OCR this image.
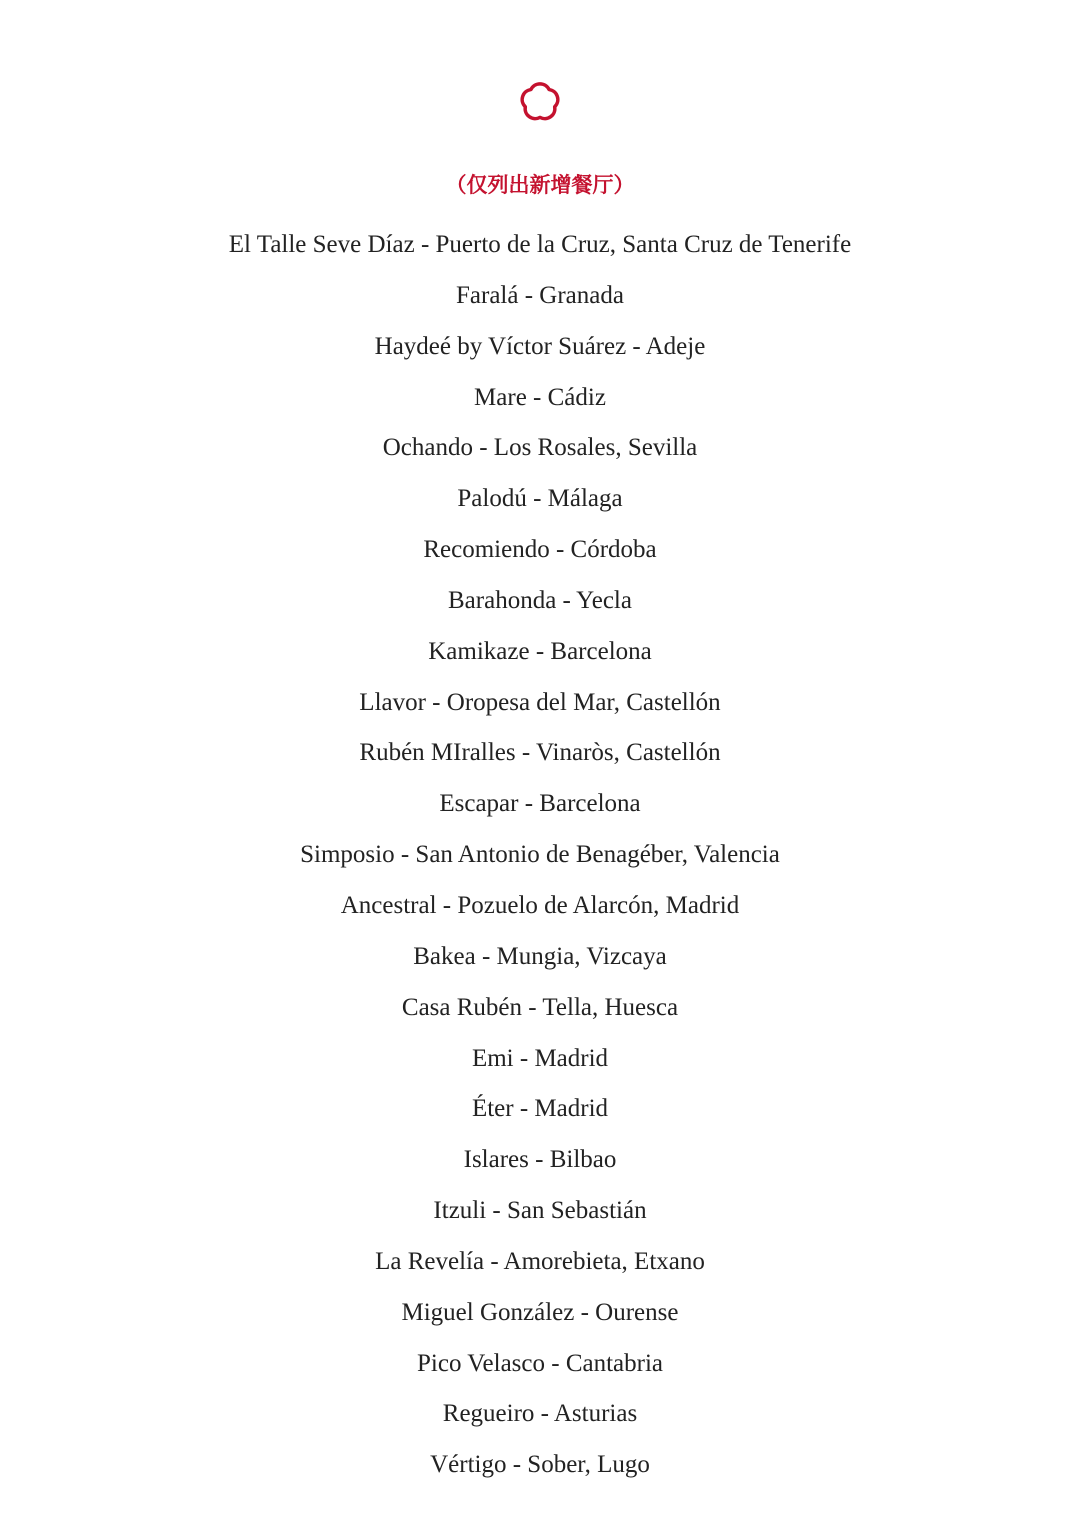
（仅列出新增餐厅）
El Talle Seve Díaz - Puerto de la Cruz, Santa Cruz de Tenerife
Faralá - Granada
Haydeé by Víctor Suárez - Adeje
Mare - Cádiz
Ochando - Los Rosales, Sevilla
Palodú - Málaga
Recomiendo - Córdoba
Barahonda - Yecla
Kamikaze - Barcelona
Llavor - Oropesa del Mar, Castellón
Rubén MIralles - Vinaròs, Castellón
Escapar - Barcelona
Simposio - San Antonio de Benagéber, Valencia
Ancestral - Pozuelo de Alarcón, Madrid
Bakea - Mungia, Vizcaya
Casa Rubén - Tella, Huesca
Emi - Madrid
Éter - Madrid
Islares - Bilbao
Itzuli - San Sebastián
La Revelía - Amorebieta, Etxano
Miguel González - Ourense
Pico Velasco - Cantabria
Regueiro - Asturias
Vértigo - Sober, Lugo
